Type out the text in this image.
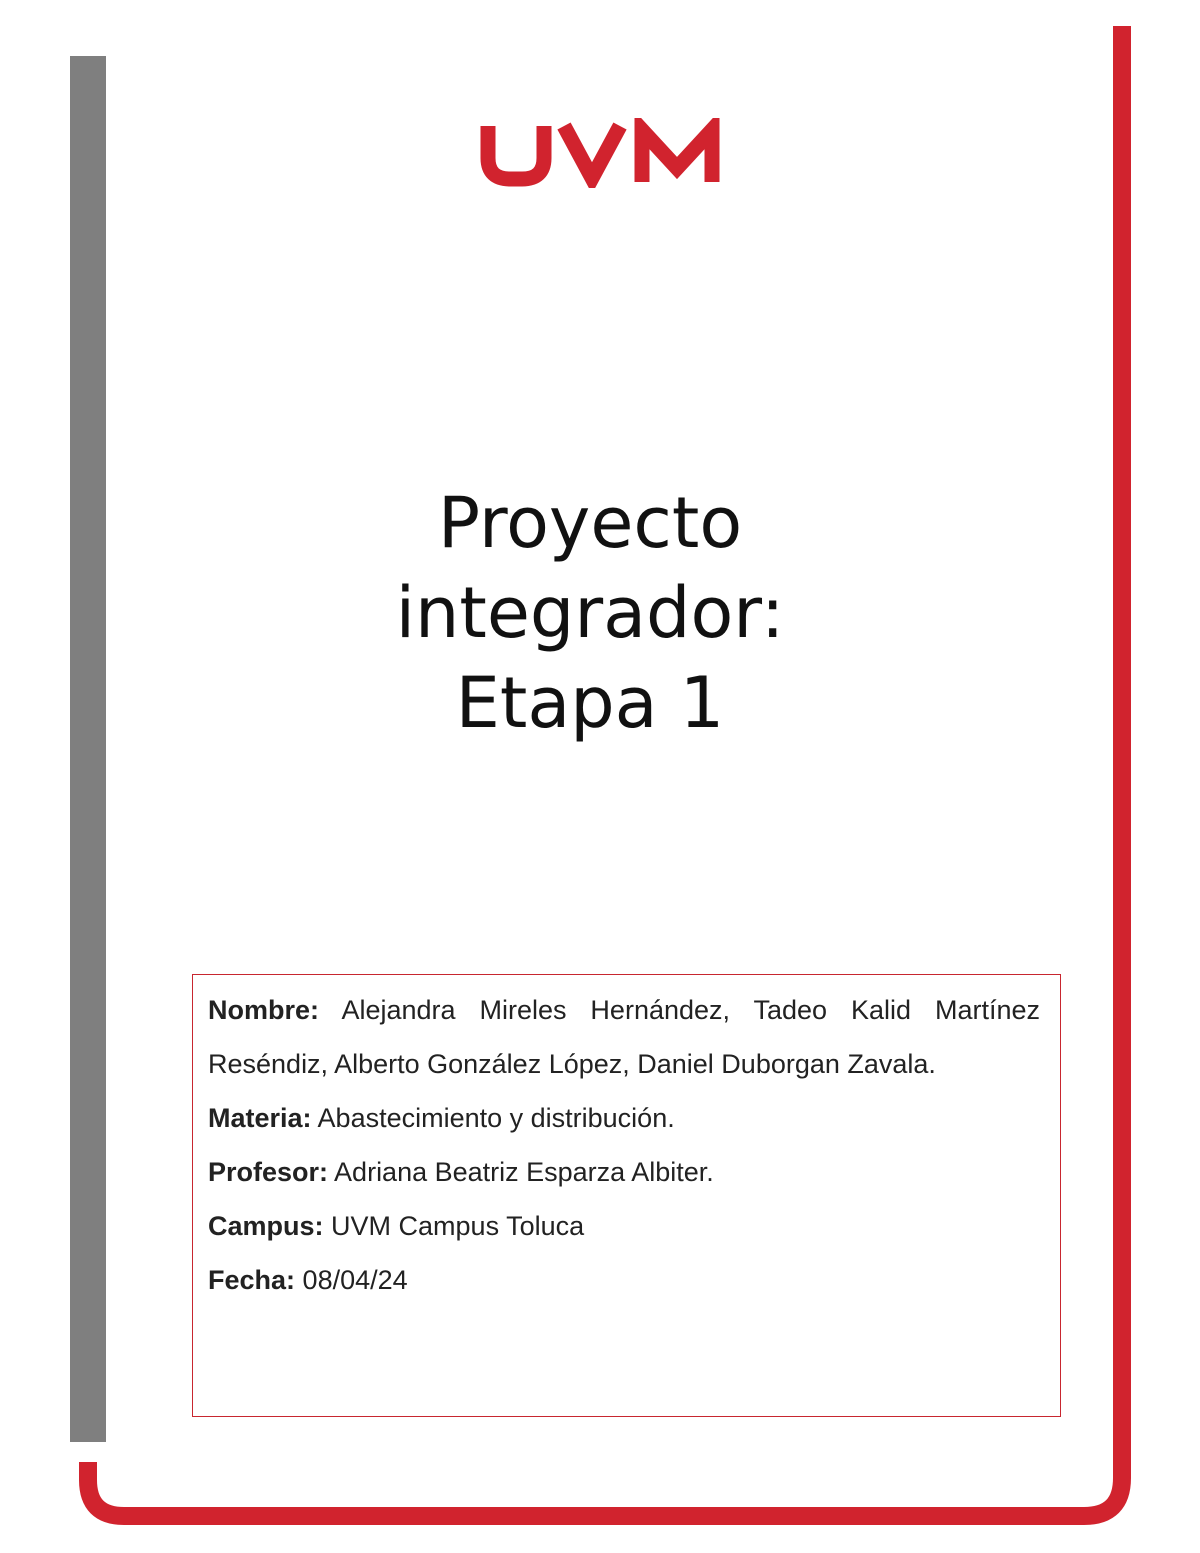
Proyecto
integrador:
Etapa 1

Nombre: Alejandra Mireles Hernández, Tadeo Kalid Martínez Reséndiz, Alberto González López, Daniel Duborgan Zavala.

Materia: Abastecimiento y distribución.

Profesor: Adriana Beatriz Esparza Albiter.

Campus: UVM Campus Toluca

Fecha: 08/04/24
